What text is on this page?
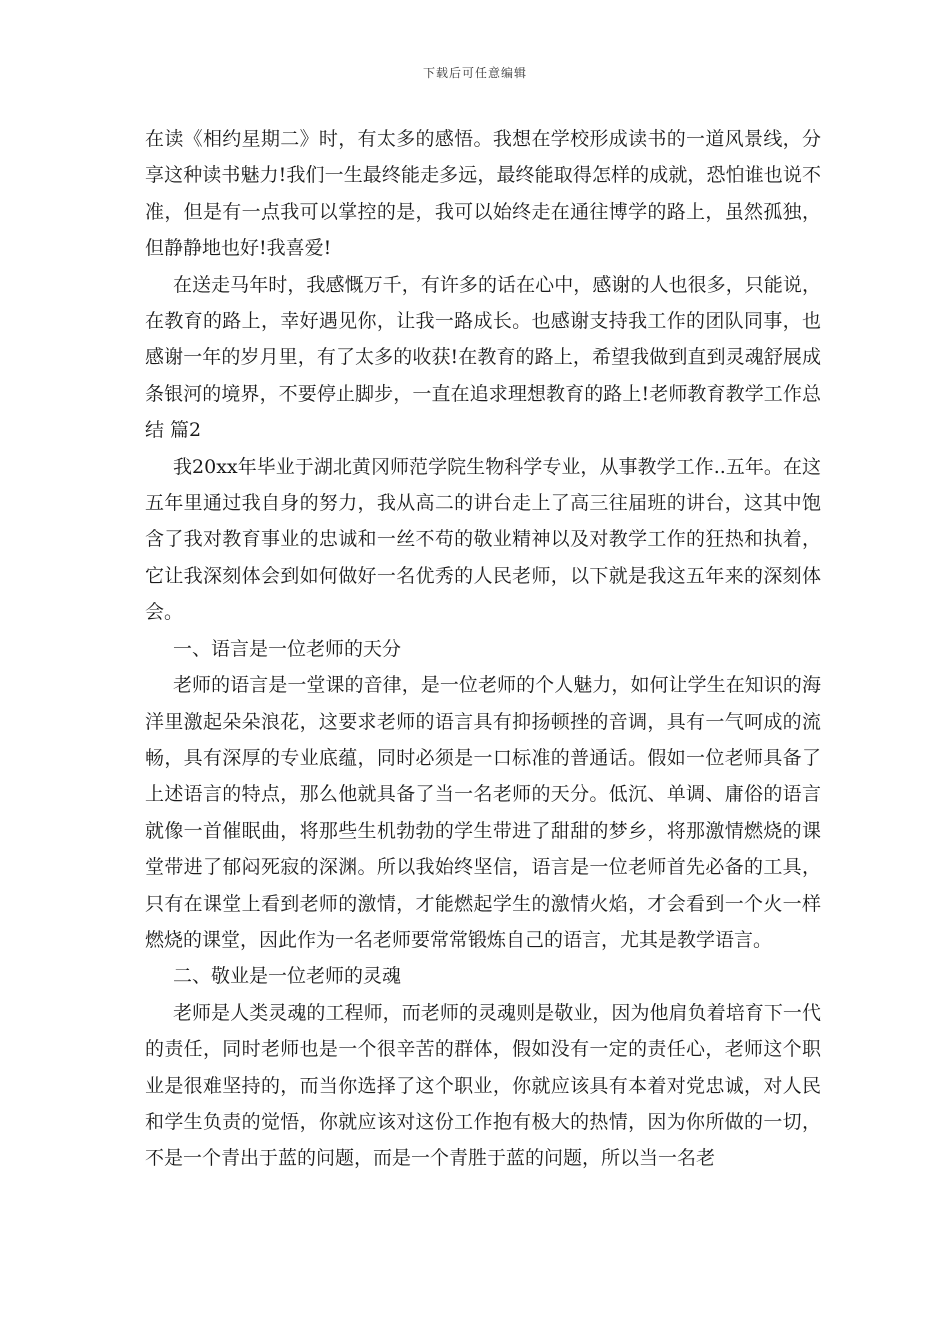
下载后可任意编辑

在读《相约星期二》时，有太多的感悟。我想在学校形成读书的一道风景线，分享这种读书魅力!我们一生最终能走多远，最终能取得怎样的成就，恐怕谁也说不准，但是有一点我可以掌控的是，我可以始终走在通往博学的路上，虽然孤独，但静静地也好!我喜爱!

在送走马年时，我感慨万千，有许多的话在心中，感谢的人也很多，只能说，在教育的路上，幸好遇见你，让我一路成长。也感谢支持我工作的团队同事，也感谢一年的岁月里，有了太多的收获!在教育的路上，希望我做到直到灵魂舒展成条银河的境界，不要停止脚步，一直在追求理想教育的路上!老师教育教学工作总结 篇2

我20xx年毕业于湖北黄冈师范学院生物科学专业，从事教学工作..五年。在这五年里通过我自身的努力，我从高二的讲台走上了高三往届班的讲台，这其中饱含了我对教育事业的忠诚和一丝不苟的敬业精神以及对教学工作的狂热和执着，它让我深刻体会到如何做好一名优秀的人民老师，以下就是我这五年来的深刻体会。

一、语言是一位老师的天分

老师的语言是一堂课的音律，是一位老师的个人魅力，如何让学生在知识的海洋里激起朵朵浪花，这要求老师的语言具有抑扬顿挫的音调，具有一气呵成的流畅，具有深厚的专业底蕴，同时必须是一口标准的普通话。假如一位老师具备了上述语言的特点，那么他就具备了当一名老师的天分。低沉、单调、庸俗的语言就像一首催眠曲，将那些生机勃勃的学生带进了甜甜的梦乡，将那激情燃烧的课堂带进了郁闷死寂的深渊。所以我始终坚信，语言是一位老师首先必备的工具，只有在课堂上看到老师的激情，才能燃起学生的激情火焰，才会看到一个火一样燃烧的课堂，因此作为一名老师要常常锻炼自己的语言，尤其是教学语言。

二、敬业是一位老师的灵魂

老师是人类灵魂的工程师，而老师的灵魂则是敬业，因为他肩负着培育下一代的责任，同时老师也是一个很辛苦的群体，假如没有一定的责任心，老师这个职业是很难坚持的，而当你选择了这个职业，你就应该具有本着对党忠诚，对人民和学生负责的觉悟，你就应该对这份工作抱有极大的热情，因为你所做的一切，不是一个青出于蓝的问题，而是一个青胜于蓝的问题，所以当一名老
